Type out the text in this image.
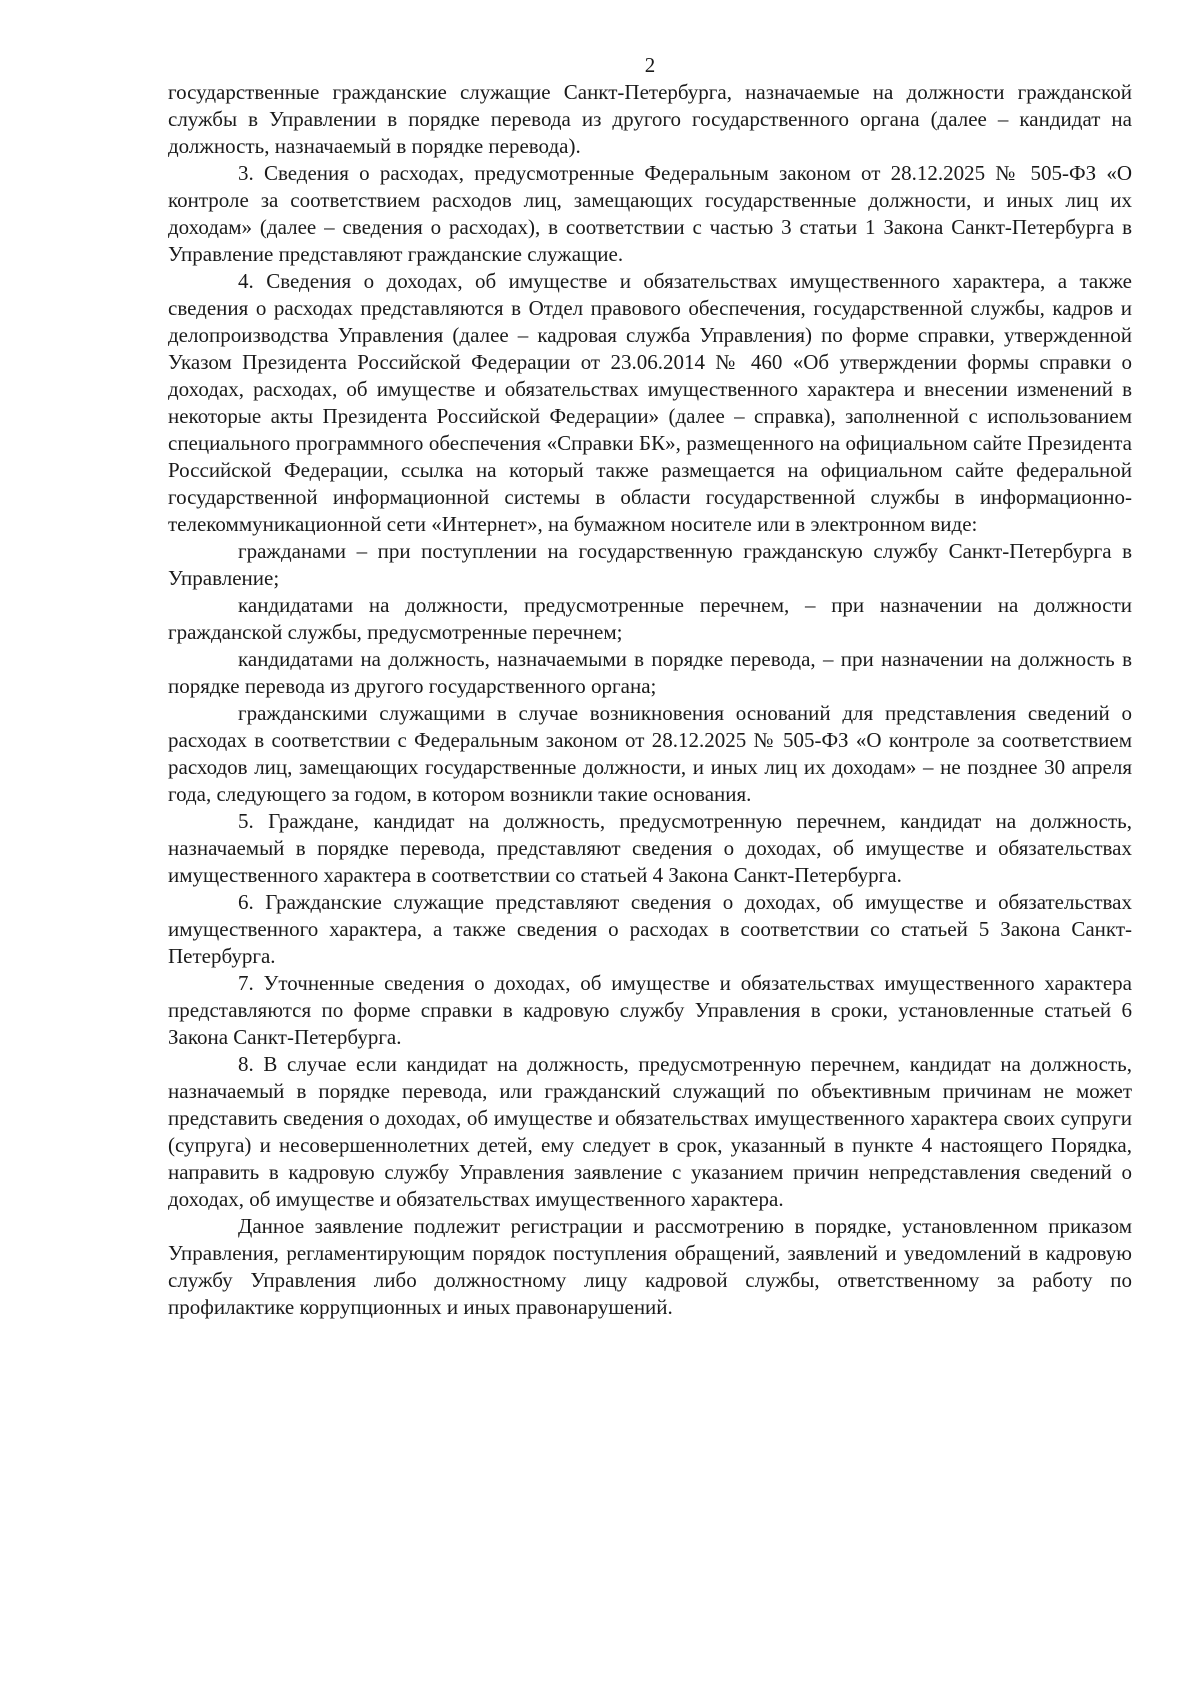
2

государственные гражданские служащие Санкт-Петербурга, назначаемые на должности гражданской службы в Управлении в порядке перевода из другого государственного органа (далее – кандидат на должность, назначаемый в порядке перевода).

3. Сведения о расходах, предусмотренные Федеральным законом от 28.12.2025 № 505-ФЗ «О контроле за соответствием расходов лиц, замещающих государственные должности, и иных лиц их доходам» (далее – сведения о расходах), в соответствии с частью 3 статьи 1 Закона Санкт-Петербурга в Управление представляют гражданские служащие.

4. Сведения о доходах, об имуществе и обязательствах имущественного характера, а также сведения о расходах представляются в Отдел правового обеспечения, государственной службы, кадров и делопроизводства Управления (далее – кадровая служба Управления) по форме справки, утвержденной Указом Президента Российской Федерации от 23.06.2014 № 460 «Об утверждении формы справки о доходах, расходах, об имуществе и обязательствах имущественного характера и внесении изменений в некоторые акты Президента Российской Федерации» (далее – справка), заполненной с использованием специального программного обеспечения «Справки БК», размещенного на официальном сайте Президента Российской Федерации, ссылка на который также размещается на официальном сайте федеральной государственной информационной системы в области государственной службы в информационно-телекоммуникационной сети «Интернет», на бумажном носителе или в электронном виде:

гражданами – при поступлении на государственную гражданскую службу Санкт-Петербурга в Управление;

кандидатами на должности, предусмотренные перечнем, – при назначении на должности гражданской службы, предусмотренные перечнем;

кандидатами на должность, назначаемыми в порядке перевода, – при назначении на должность в порядке перевода из другого государственного органа;

гражданскими служащими в случае возникновения оснований для представления сведений о расходах в соответствии с Федеральным законом от 28.12.2025 № 505-ФЗ «О контроле за соответствием расходов лиц, замещающих государственные должности, и иных лиц их доходам» – не позднее 30 апреля года, следующего за годом, в котором возникли такие основания.

5. Граждане, кандидат на должность, предусмотренную перечнем, кандидат на должность, назначаемый в порядке перевода, представляют сведения о доходах, об имуществе и обязательствах имущественного характера в соответствии со статьей 4 Закона Санкт-Петербурга.

6. Гражданские служащие представляют сведения о доходах, об имуществе и обязательствах имущественного характера, а также сведения о расходах в соответствии со статьей 5 Закона Санкт-Петербурга.

7. Уточненные сведения о доходах, об имуществе и обязательствах имущественного характера представляются по форме справки в кадровую службу Управления в сроки, установленные статьей 6 Закона Санкт-Петербурга.

8. В случае если кандидат на должность, предусмотренную перечнем, кандидат на должность, назначаемый в порядке перевода, или гражданский служащий по объективным причинам не может представить сведения о доходах, об имуществе и обязательствах имущественного характера своих супруги (супруга) и несовершеннолетних детей, ему следует в срок, указанный в пункте 4 настоящего Порядка, направить в кадровую службу Управления заявление с указанием причин непредставления сведений о доходах, об имуществе и обязательствах имущественного характера.

Данное заявление подлежит регистрации и рассмотрению в порядке, установленном приказом Управления, регламентирующим порядок поступления обращений, заявлений и уведомлений в кадровую службу Управления либо должностному лицу кадровой службы, ответственному за работу по профилактике коррупционных и иных правонарушений.
